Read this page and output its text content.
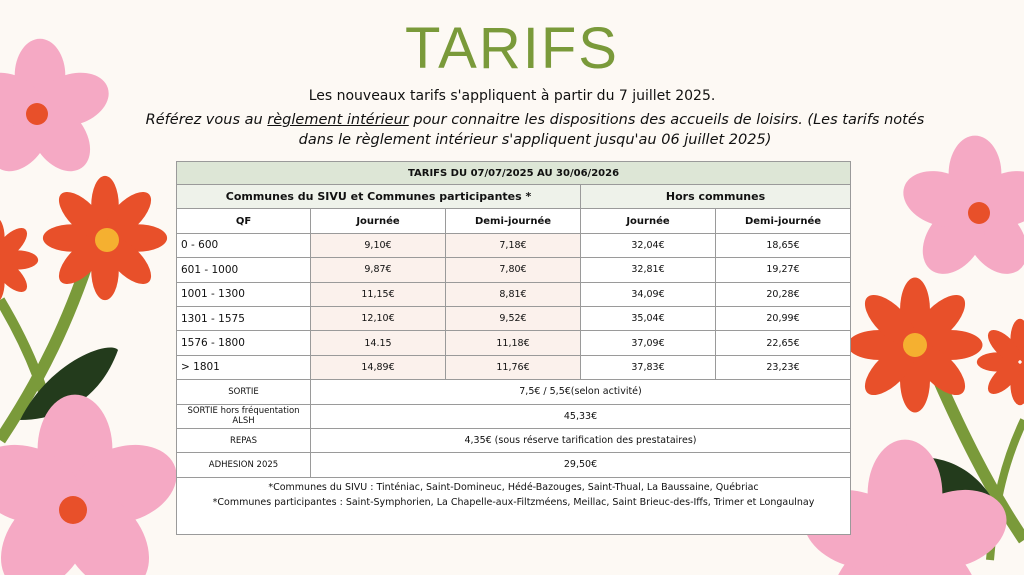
TARIFS
Les nouveaux tarifs s'appliquent à partir du 7 juillet 2025.
Référez vous au règlement intérieur pour connaitre les dispositions des accueils de loisirs. (Les tarifs notés dans le règlement intérieur s'appliquent jusqu'au 06 juillet 2025)
TARIFS DU 07/07/2025 AU 30/06/2026				
Communes du SIVU et Communes participantes *			Hors communes	
QF	Journée	Demi-journée	Journée	Demi-journée
0 - 600	9,10€	7,18€	32,04€	18,65€
601 - 1000	9,87€	7,80€	32,81€	19,27€
1001 - 1300	11,15€	8,81€	34,09€	20,28€
1301 - 1575	12,10€	9,52€	35,04€	20,99€
1576 - 1800	14.15	11,18€	37,09€	22,65€
> 1801	14,89€	11,76€	37,83€	23,23€
SORTIE	7,5€ / 5,5€(selon activité)			
SORTIE hors fréquentation ALSH	45,33€			
REPAS	4,35€ (sous réserve tarification des prestataires)			
ADHESION 2025	29,50€			

*Communes du SIVU : Tinténiac, Saint-Domineuc, Hédé-Bazouges, Saint-Thual, La Baussaine, Québriac
*Communes participantes : Saint-Symphorien, La Chapelle-aux-Filtzméens, Meillac, Saint Brieuc-des-Iffs, Trimer et Longaulnay				
